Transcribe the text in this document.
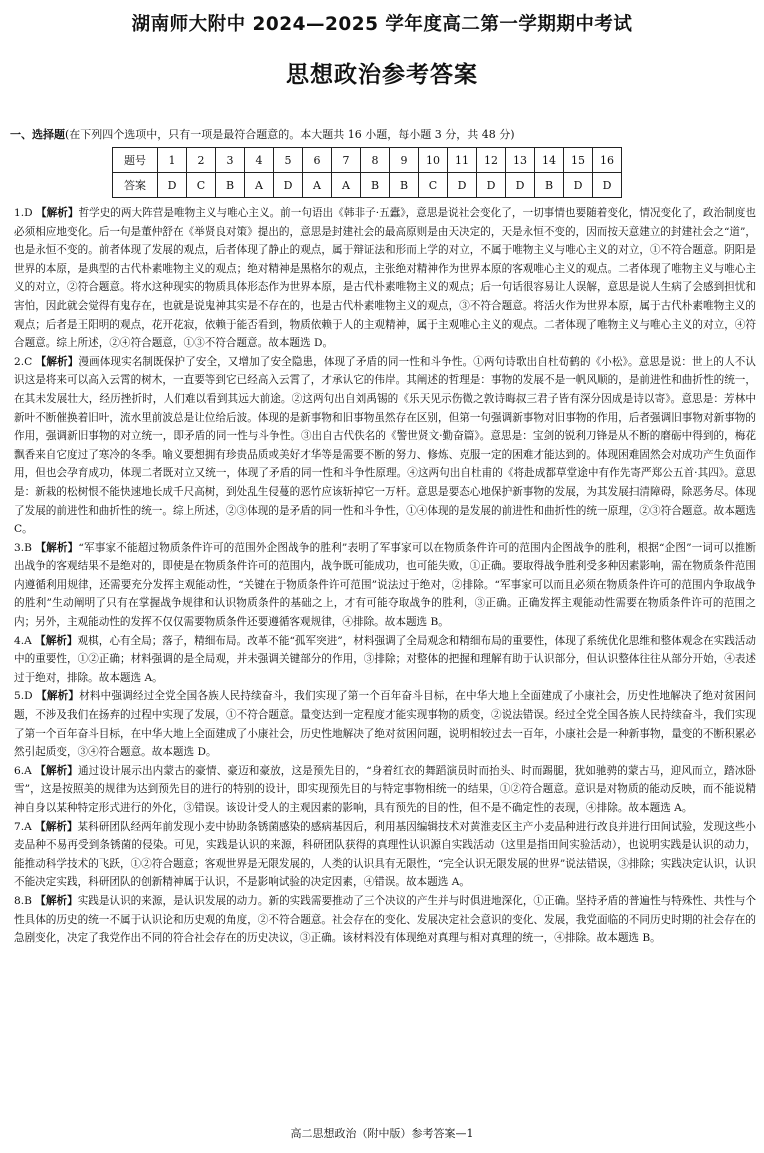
湖南师大附中 2024—2025 学年度高二第一学期期中考试
思想政治参考答案
一、选择题(在下列四个选项中，只有一项是最符合题意的。本大题共 16 小题，每小题 3 分，共 48 分)
题号	1	2	3	4	5	6	7	8	9	10	11	12	13	14	15	16
答案	D	C	B	A	D	A	A	B	B	C	D	D	D	B	D	D

1.D 【解析】哲学史的两大阵营是唯物主义与唯心主义。前一句语出《韩非子·五蠹》，意思是说社会变化了，一切事情也要随着变化，情况变化了，政治制度也必须相应地变化。后一句是董仲舒在《举贤良对策》提出的，意思是封建社会的最高原则是由天决定的，天是永恒不变的，因而按天意建立的封建社会之“道”，也是永恒不变的。前者体现了发展的观点，后者体现了静止的观点，属于辩证法和形而上学的对立，不属于唯物主义与唯心主义的对立，①不符合题意。阴阳是世界的本原，是典型的古代朴素唯物主义的观点；绝对精神是黑格尔的观点，主张绝对精神作为世界本原的客观唯心主义的观点。二者体现了唯物主义与唯心主义的对立，②符合题意。将水这种现实的物质具体形态作为世界本原，是古代朴素唯物主义的观点；后一句话很容易让人误解，意思是说人生病了会感到担忧和害怕，因此就会觉得有鬼存在，也就是说鬼神其实是不存在的，也是古代朴素唯物主义的观点，③不符合题意。将活火作为世界本原，属于古代朴素唯物主义的观点；后者是王阳明的观点，花开花寂，依赖于能否看到，物质依赖于人的主观精神，属于主观唯心主义的观点。二者体现了唯物主义与唯心主义的对立，④符合题意。综上所述，②④符合题意，①③不符合题意。故本题选 D。

2.C 【解析】漫画体现实名制既保护了安全，又增加了安全隐患，体现了矛盾的同一性和斗争性。①两句诗歌出自杜荀鹤的《小松》。意思是说：世上的人不认识这是将来可以高入云霄的树木，一直要等到它已经高入云霄了，才承认它的伟岸。其阐述的哲理是：事物的发展不是一帆风顺的，是前进性和曲折性的统一，在其未发展壮大，经历挫折时，人们难以看到其远大前途。②这两句出自刘禹锡的《乐天见示伤微之敦诗晦叔三君子皆有深分因成是诗以寄》。意思是：芳林中新叶不断催换着旧叶，流水里前波总是让位给后波。体现的是新事物和旧事物虽然存在区别，但第一句强调新事物对旧事物的作用，后者强调旧事物对新事物的作用，强调新旧事物的对立统一，即矛盾的同一性与斗争性。③出自古代佚名的《警世贤文·勤奋篇》。意思是：宝剑的锐利刀锋是从不断的磨砺中得到的，梅花飘香来自它度过了寒冷的冬季。喻义要想拥有珍贵品质或美好才华等是需要不断的努力、修炼、克服一定的困难才能达到的。体现困难固然会对成功产生负面作用，但也会孕育成功，体现二者既对立又统一，体现了矛盾的同一性和斗争性原理。④这两句出自杜甫的《将赴成都草堂途中有作先寄严郑公五首·其四》。意思是：新栽的松树恨不能快速地长成千尺高树，到处乱生侵蔓的恶竹应该斩掉它一万杆。意思是要态心地保护新事物的发展，为其发展扫清障碍，除恶务尽。体现了发展的前进性和曲折性的统一。综上所述，②③体现的是矛盾的同一性和斗争性，①④体现的是发展的前进性和曲折性的统一原理，②③符合题意。故本题选 C。

3.B 【解析】“军事家不能超过物质条件许可的范围外企图战争的胜利”表明了军事家可以在物质条件许可的范围内企图战争的胜利，根据“企图”一词可以推断出战争的客观结果不是绝对的，即使是在物质条件许可的范围内，战争既可能成功，也可能失败，①正确。要取得战争胜利受多种因素影响，需在物质条件范围内遵循利用规律，还需要充分发挥主观能动性，“关键在于物质条件许可范围”说法过于绝对，②排除。“军事家可以而且必须在物质条件许可的范围内争取战争的胜利”生动阐明了只有在掌握战争规律和认识物质条件的基础之上，才有可能夺取战争的胜利，③正确。正确发挥主观能动性需要在物质条件许可的范围之内；另外，主观能动性的发挥不仅仅需要物质条件还要遵循客观规律，④排除。故本题选 B。

4.A 【解析】观棋，心有全局；落子，精细布局。改革不能“孤军突进”，材料强调了全局观念和精细布局的重要性，体现了系统优化思维和整体观念在实践活动中的重要性，①②正确；材料强调的是全局观，并未强调关键部分的作用，③排除；对整体的把握和理解有助于认识部分，但认识整体往往从部分开始，④表述过于绝对，排除。故本题选 A。

5.D 【解析】材料中强调经过全党全国各族人民持续奋斗，我们实现了第一个百年奋斗目标，在中华大地上全面建成了小康社会，历史性地解决了绝对贫困问题，不涉及我们在扬弃的过程中实现了发展，①不符合题意。量变达到一定程度才能实现事物的质变，②说法错误。经过全党全国各族人民持续奋斗，我们实现了第一个百年奋斗目标，在中华大地上全面建成了小康社会，历史性地解决了绝对贫困问题，说明相较过去一百年，小康社会是一种新事物，量变的不断积累必然引起质变，③④符合题意。故本题选 D。

6.A 【解析】通过设计展示出内蒙古的豪情、豪迈和豪放，这是预先目的，“身着红衣的舞蹈演员时而抬头、时而踢腿，犹如驰骋的蒙古马，迎风而立，踏冰卧雪”，这是按照美的规律为达到预先目的进行的特别的设计，即实现预先目的与特定事物相统一的结果，①②符合题意。意识是对物质的能动反映，而不能说精神自身以某种特定形式进行的外化，③错误。该设计受人的主观因素的影响，具有预先的目的性，但不是不确定性的表现，④排除。故本题选 A。

7.A 【解析】某科研团队经两年前发现小麦中协助条锈菌感染的感病基因后，利用基因编辑技术对黄淮麦区主产小麦品种进行改良并进行田间试验，发现这些小麦品种不易再受到条锈菌的侵染。可见，实践是认识的来源，科研团队获得的真理性认识源自实践活动（这里是指田间实验活动），也说明实践是认识的动力，能推动科学技术的飞跃，①②符合题意；客观世界是无限发展的，人类的认识具有无限性，“完全认识无限发展的世界”说法错误，③排除；实践决定认识，认识不能决定实践，科研团队的创新精神属于认识，不是影响试验的决定因素，④错误。故本题选 A。

8.B 【解析】实践是认识的来源，是认识发展的动力。新的实践需要推动了三个决议的产生并与时俱进地深化，①正确。坚持矛盾的普遍性与特殊性、共性与个性具体的历史的统一不属于认识论和历史观的角度，②不符合题意。社会存在的变化、发展决定社会意识的变化、发展，我党面临的不同历史时期的社会存在的急剧变化，决定了我党作出不同的符合社会存在的历史决议，③正确。该材料没有体现绝对真理与相对真理的统一，④排除。故本题选 B。

高二思想政治（附中版）参考答案—1
